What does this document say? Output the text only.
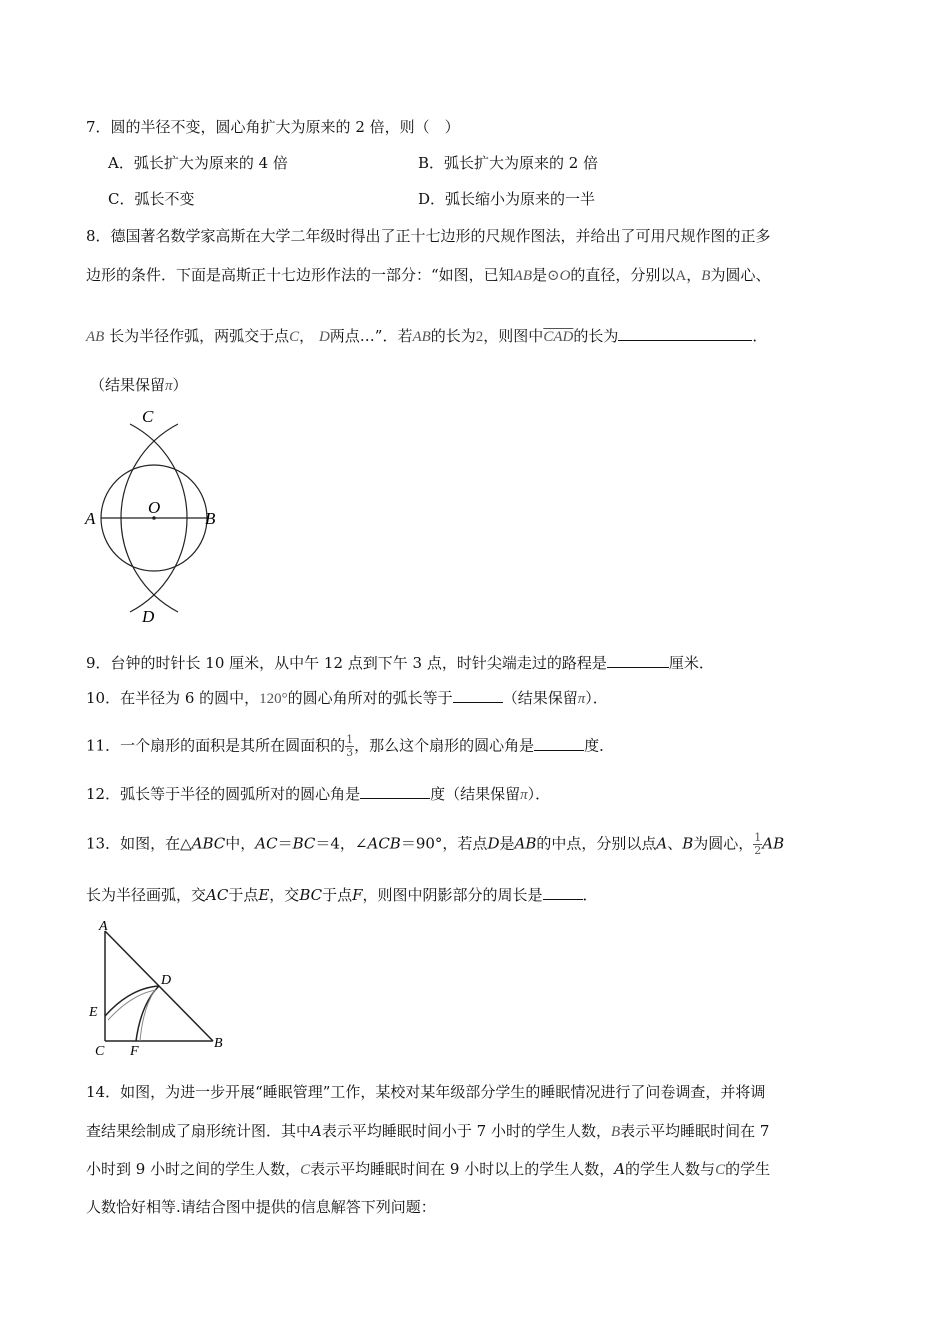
7．圆的半径不变，圆心角扩大为原来的 2 倍，则（　）
A．弧长扩大为原来的 4 倍	B．弧长扩大为原来的 2 倍
C．弧长不变	D．弧长缩小为原来的一半
8．德国著名数学家高斯在大学二年级时得出了正十七边形的尺规作图法，并给出了可用尺规作图的正多
边形的条件．下面是高斯正十七边形作法的一部分：“如图，已知AB是⊙O的直径，分别以A，B为圆心、
AB 长为半径作弧，两弧交于点C， D两点…”．若AB的长为2，则图中$\overline{CAD}$的长为	．
（结果保留π）
C
O
A	B
D
9．台钟的时针长 10 厘米，从中午 12 点到下午 3 点，时针尖端走过的路程是	厘米．
10．在半径为 6 的圆中，120°的圆心角所对的弧长等于	（结果保留π）．
11．一个扇形的面积是其所在圆面积的 $\frac{1}{3}$ ，那么这个扇形的圆心角是	度．
12．弧长等于半径的圆弧所对的圆心角是	度（结果保留π）．
13．如图，在△ABC中，AC＝BC＝4，∠ACB＝90°，若点D是AB的中点，分别以点A、B为圆心， $\frac{1}{2}$ AB
长为半径画弧，交AC于点E，交BC于点F，则图中阴影部分的周长是	．
A
D
E
C F
B
14．如图，为进一步开展“睡眠管理”工作，某校对某年级部分学生的睡眠情况进行了问卷调查，并将调
查结果绘制成了扇形统计图．其中A表示平均睡眠时间小于 7 小时的学生人数，B表示平均睡眠时间在 7
小时到 9 小时之间的学生人数，C表示平均睡眠时间在 9 小时以上的学生人数，A的学生人数与C的学生
人数恰好相等.请结合图中提供的信息解答下列问题：
